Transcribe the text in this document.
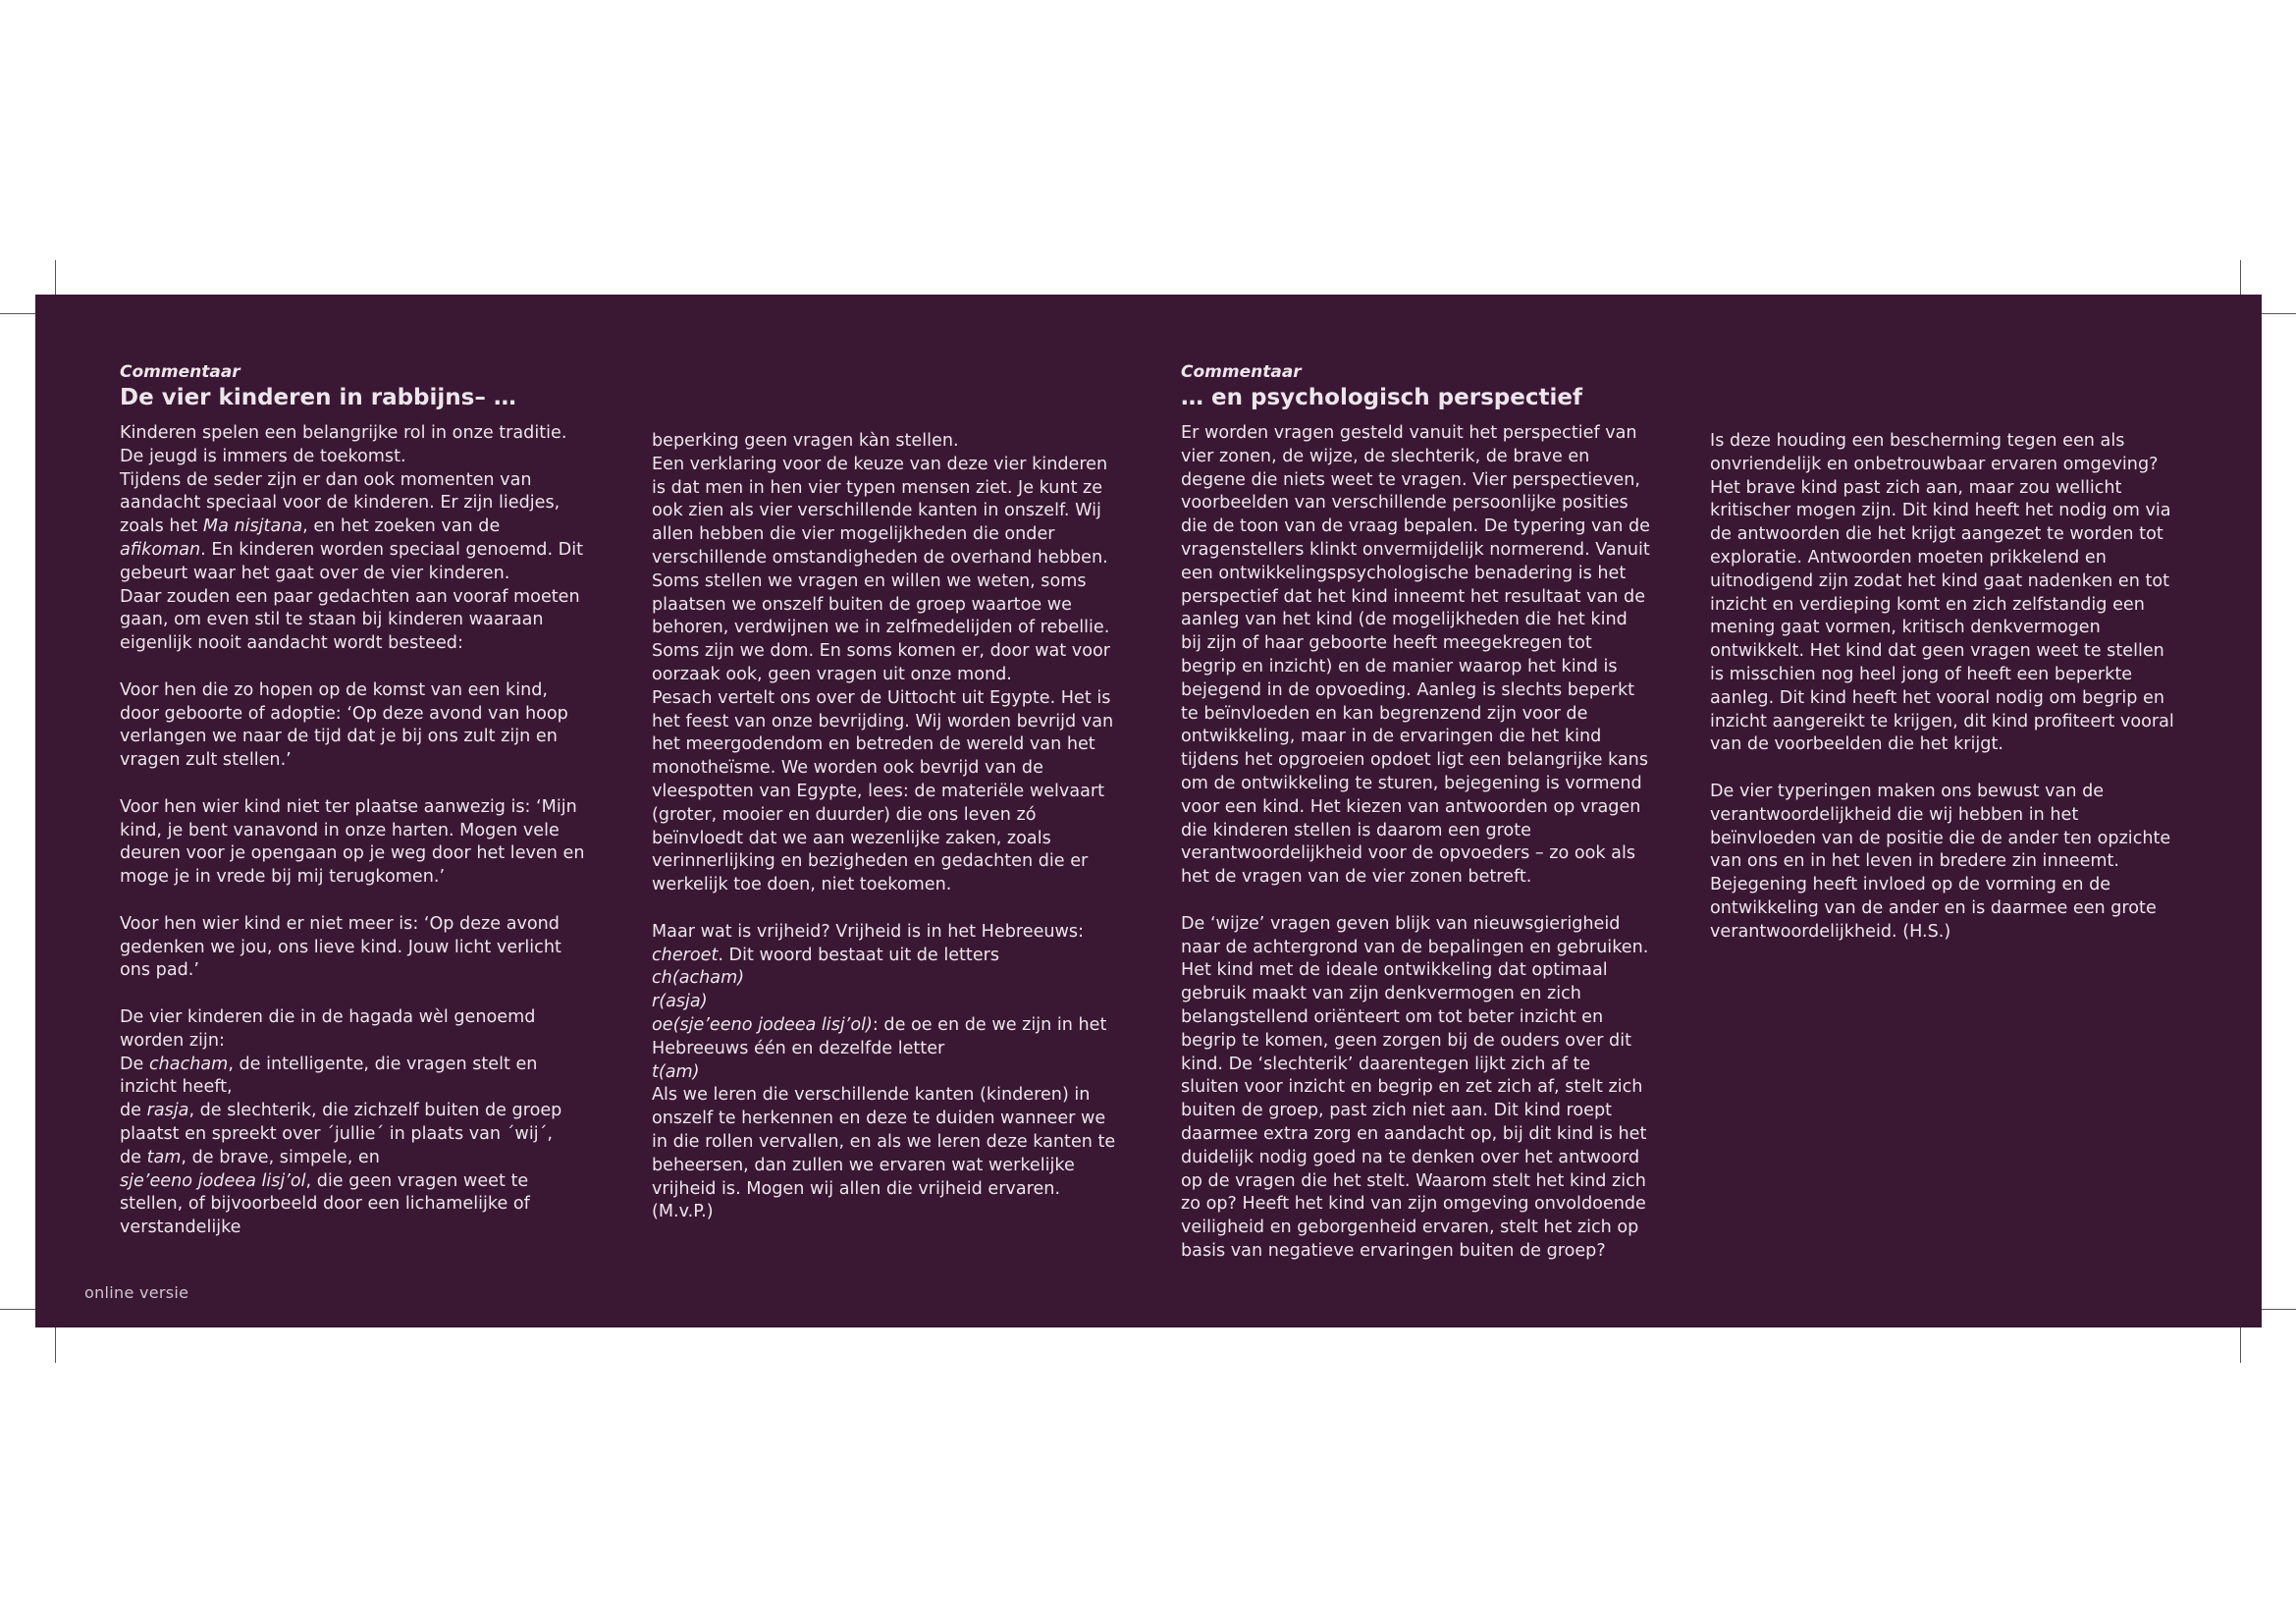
Commentaar

De vier kinderen in rabbijns– …

Kinderen spelen een belangrijke rol in onze traditie. De jeugd is immers de toekomst.

Tijdens de seder zijn er dan ook momenten van aandacht speciaal voor de kinderen. Er zijn liedjes, zoals het Ma nisjtana, en het zoeken van de afikoman. En kinderen worden speciaal genoemd. Dit gebeurt waar het gaat over de vier kinderen.

Daar zouden een paar gedachten aan vooraf moeten gaan, om even stil te staan bij kinderen waaraan eigenlijk nooit aandacht wordt besteed:

Voor hen die zo hopen op de komst van een kind, door geboorte of adoptie: ‘Op deze avond van hoop verlangen we naar de tijd dat je bij ons zult zijn en vragen zult stellen.’

Voor hen wier kind niet ter plaatse aanwezig is: ‘Mijn kind, je bent vanavond in onze harten. Mogen vele deuren voor je opengaan op je weg door het leven en moge je in vrede bij mij terugkomen.’

Voor hen wier kind er niet meer is: ‘Op deze avond gedenken we jou, ons lieve kind. Jouw licht verlicht ons pad.’

De vier kinderen die in de hagada wèl genoemd worden zijn:

De chacham, de intelligente, die vragen stelt en inzicht heeft,

de rasja, de slechterik, die zichzelf buiten de groep plaatst en spreekt over ´jullie´ in plaats van ´wij´,

de tam, de brave, simpele, en

sje’eeno jodeea lisj’ol, die geen vragen weet te stellen, of bijvoorbeeld door een lichamelijke of verstandelijke

beperking geen vragen kàn stellen.

Een verklaring voor de keuze van deze vier kinderen is dat men in hen vier typen mensen ziet. Je kunt ze ook zien als vier verschillende kanten in onszelf. Wij allen hebben die vier mogelijkheden die onder verschillende omstandigheden de overhand hebben. Soms stellen we vragen en willen we weten, soms plaatsen we onszelf buiten de groep waartoe we behoren, verdwijnen we in zelfmedelijden of rebellie. Soms zijn we dom. En soms komen er, door wat voor oorzaak ook, geen vragen uit onze mond.

Pesach vertelt ons over de Uittocht uit Egypte. Het is het feest van onze bevrijding. Wij worden bevrijd van het meergodendom en betreden de wereld van het monotheïsme. We worden ook bevrijd van de vleespotten van Egypte, lees: de materiële welvaart (groter, mooier en duurder) die ons leven zó beïnvloedt dat we aan wezenlijke zaken, zoals verinnerlijking en bezigheden en gedachten die er werkelijk toe doen, niet toekomen.

Maar wat is vrijheid? Vrijheid is in het Hebreeuws:

cheroet. Dit woord bestaat uit de letters

ch(acham)

r(asja)

oe(sje’eeno jodeea lisj’ol): de oe en de we zijn in het Hebreeuws één en dezelfde letter

t(am)

Als we leren die verschillende kanten (kinderen) in onszelf te herkennen en deze te duiden wanneer we in die rollen vervallen, en als we leren deze kanten te beheersen, dan zullen we ervaren wat werkelijke vrijheid is. Mogen wij allen die vrijheid ervaren. (M.v.P.)

Commentaar

… en psychologisch perspectief

Er worden vragen gesteld vanuit het perspectief van vier zonen, de wijze, de slechterik, de brave en degene die niets weet te vragen. Vier perspectieven, voorbeelden van verschillende persoonlijke posities die de toon van de vraag bepalen. De typering van de vragenstellers klinkt onvermijdelijk normerend. Vanuit een ontwikkelingspsychologische benadering is het perspectief dat het kind inneemt het resultaat van de aanleg van het kind (de mogelijkheden die het kind bij zijn of haar geboorte heeft meegekregen tot begrip en inzicht) en de manier waarop het kind is bejegend in de opvoeding. Aanleg is slechts beperkt te beïnvloeden en kan begrenzend zijn voor de ontwikkeling, maar in de ervaringen die het kind tijdens het opgroeien opdoet ligt een belangrijke kans om de ontwikkeling te sturen, bejegening is vormend voor een kind. Het kiezen van antwoorden op vragen die kinderen stellen is daarom een grote verantwoordelijkheid voor de opvoeders – zo ook als het de vragen van de vier zonen betreft.

De ‘wijze’ vragen geven blijk van nieuwsgierigheid naar de achtergrond van de bepalingen en gebruiken. Het kind met de ideale ontwikkeling dat optimaal gebruik maakt van zijn denkvermogen en zich belangstellend oriënteert om tot beter inzicht en begrip te komen, geen zorgen bij de ouders over dit kind. De ‘slechterik’ daarentegen lijkt zich af te sluiten voor inzicht en begrip en zet zich af, stelt zich buiten de groep, past zich niet aan. Dit kind roept daarmee extra zorg en aandacht op, bij dit kind is het duidelijk nodig goed na te denken over het antwoord op de vragen die het stelt. Waarom stelt het kind zich zo op? Heeft het kind van zijn omgeving onvoldoende veiligheid en geborgenheid ervaren, stelt het zich op basis van negatieve ervaringen buiten de groep?

Is deze houding een bescherming tegen een als onvriendelijk en onbetrouwbaar ervaren omgeving? Het brave kind past zich aan, maar zou wellicht kritischer mogen zijn. Dit kind heeft het nodig om via de antwoorden die het krijgt aangezet te worden tot exploratie. Antwoorden moeten prikkelend en uitnodigend zijn zodat het kind gaat nadenken en tot inzicht en verdieping komt en zich zelfstandig een mening gaat vormen, kritisch denkvermogen ontwikkelt. Het kind dat geen vragen weet te stellen is misschien nog heel jong of heeft een beperkte aanleg. Dit kind heeft het vooral nodig om begrip en inzicht aangereikt te krijgen, dit kind profiteert vooral van de voorbeelden die het krijgt.

De vier typeringen maken ons bewust van de verantwoordelijkheid die wij hebben in het beïnvloeden van de positie die de ander ten opzichte van ons en in het leven in bredere zin inneemt. Bejegening heeft invloed op de vorming en de ontwikkeling van de ander en is daarmee een grote verantwoordelijkheid. (H.S.)

online versie
